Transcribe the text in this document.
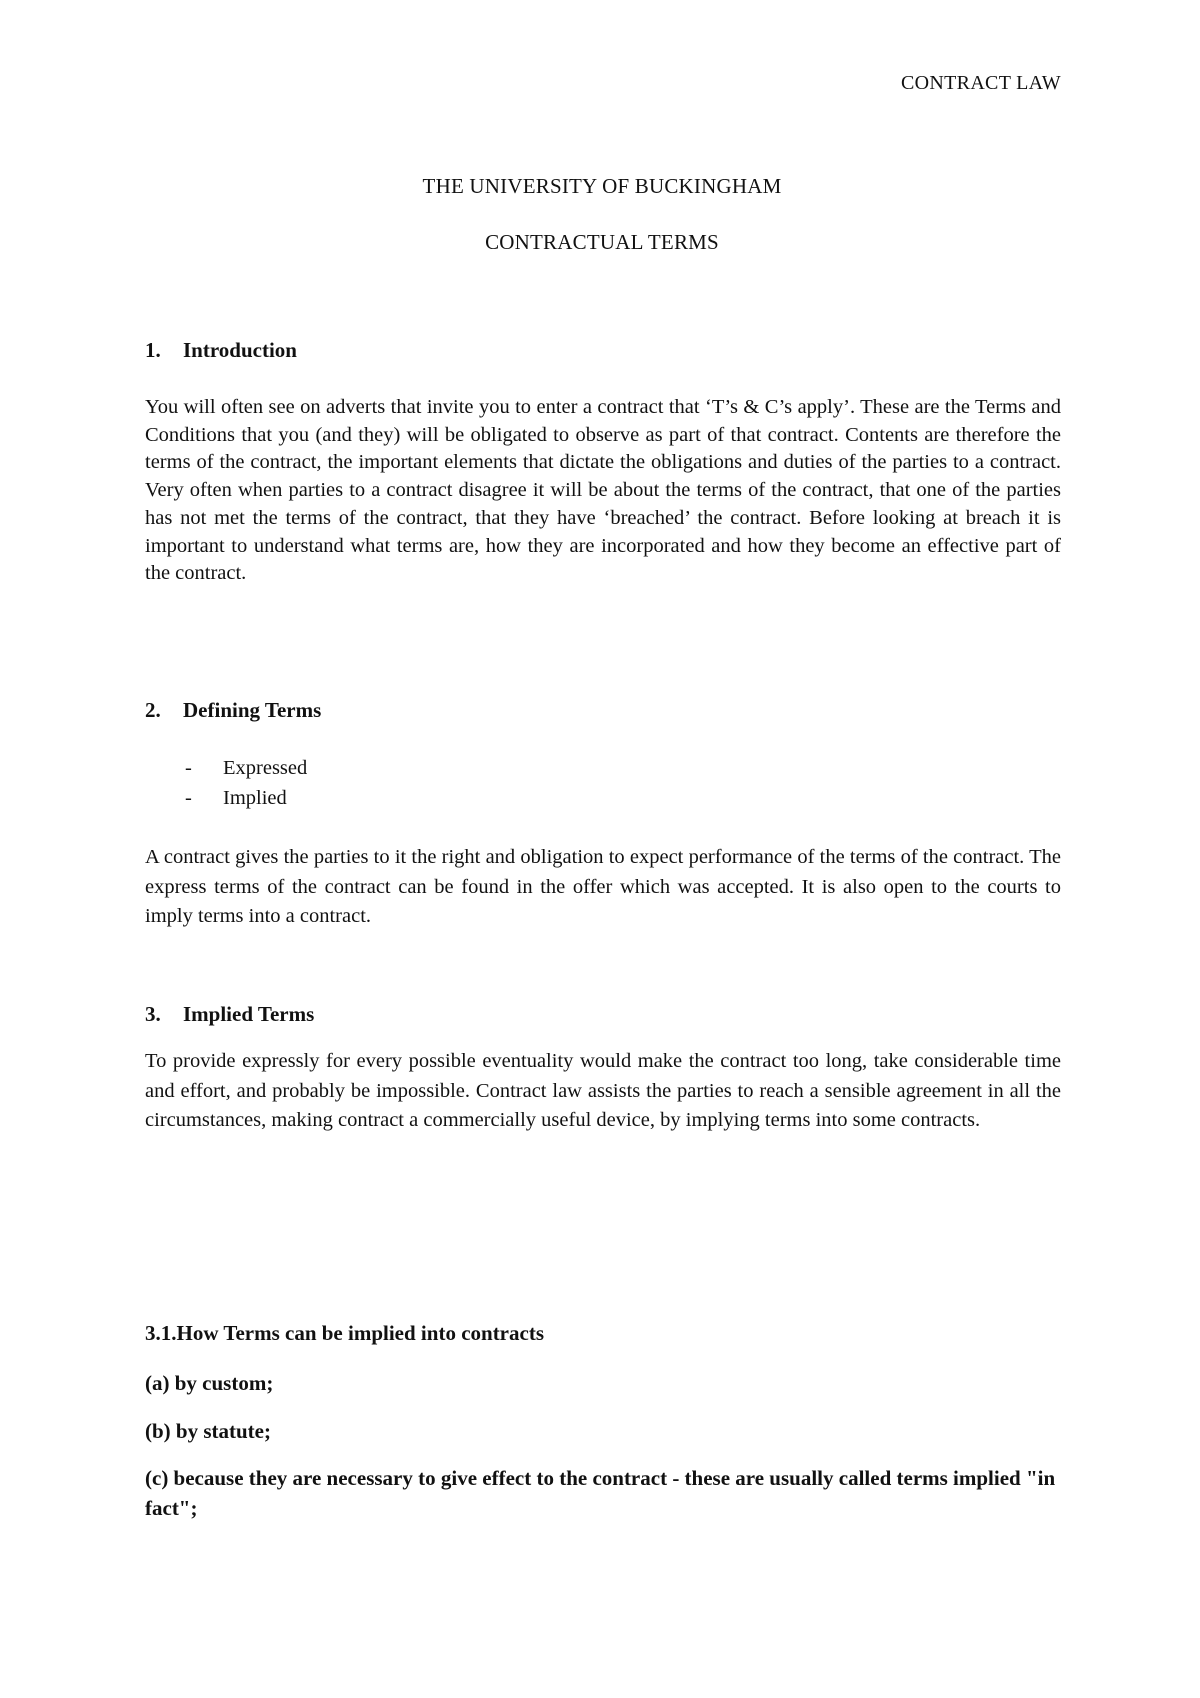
CONTRACT LAW
THE UNIVERSITY OF BUCKINGHAM
CONTRACTUAL TERMS
1. Introduction
You will often see on adverts that invite you to enter a contract that ‘T’s & C’s apply’. These are the Terms and Conditions that you (and they) will be obligated to observe as part of that contract. Contents are therefore the terms of the contract, the important elements that dictate the obligations and duties of the parties to a contract. Very often when parties to a contract disagree it will be about the terms of the contract, that one of the parties has not met the terms of the contract, that they have ‘breached’ the contract. Before looking at breach it is important to understand what terms are, how they are incorporated and how they become an effective part of the contract.
2. Defining Terms
- Expressed
- Implied
A contract gives the parties to it the right and obligation to expect performance of the terms of the contract. The express terms of the contract can be found in the offer which was accepted. It is also open to the courts to imply terms into a contract.
3. Implied Terms
To provide expressly for every possible eventuality would make the contract too long, take considerable time and effort, and probably be impossible. Contract law assists the parties to reach a sensible agreement in all the circumstances, making contract a commercially useful device, by implying terms into some contracts.
3.1.How Terms can be implied into contracts
(a) by custom;
(b) by statute;
(c) because they are necessary to give effect to the contract - these are usually called terms implied "in fact";
